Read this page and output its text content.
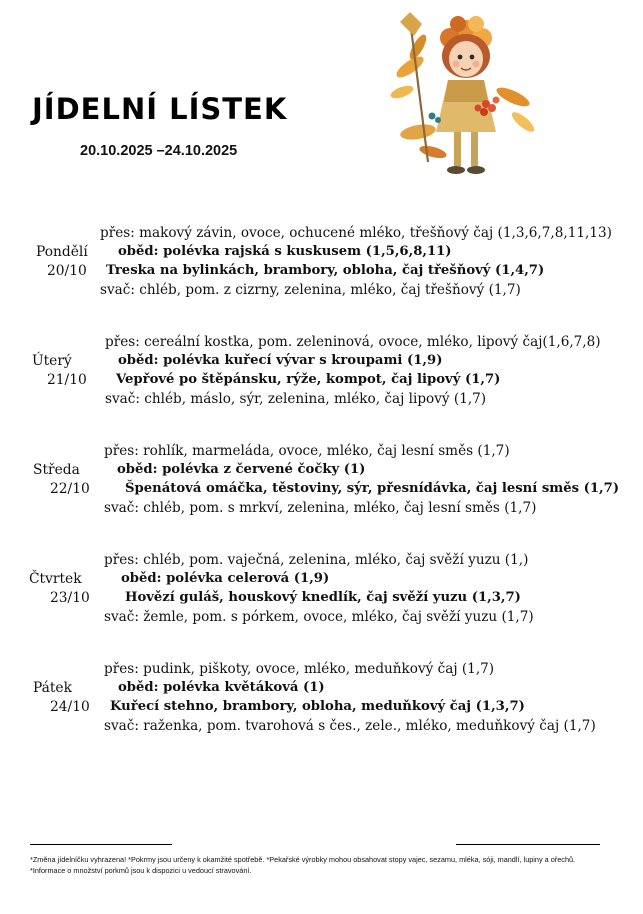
JÍDELNÍ LÍSTEK
20.10.2025 –24.10.2025
přes: makový závin, ovoce, ochucené mléko, třešňový čaj (1,3,6,7,8,11,13)
Pondělí oběd: polévka rajská s kuskusem (1,5,6,8,11)
20/10 Treska na bylinkách, brambory, obloha, čaj třešňový (1,4,7)
svač: chléb, pom. z cizrny, zelenina, mléko, čaj třešňový (1,7)
přes: cereální kostka, pom. zeleninová, ovoce, mléko, lipový čaj(1,6,7,8)
Úterý	oběd: polévka kuřecí vývar s kroupami (1,9)
21/10 Vepřové po štěpánsku, rýže, kompot, čaj lipový (1,7)
svač: chléb, máslo, sýr, zelenina, mléko, čaj lipový (1,7)
přes: rohlík, marmeláda, ovoce, mléko, čaj lesní směs (1,7)
Středa	oběd: polévka z červené čočky (1)
22/10	Špenátová omáčka, těstoviny, sýr, přesnídávka, čaj lesní směs (1,7)
svač: chléb, pom. s mrkví, zelenina, mléko, čaj lesní směs (1,7)
přes: chléb, pom. vaječná, zelenina, mléko, čaj svěží yuzu (1,)
Čtvrtek	oběd: polévka celerová (1,9)
23/10	Hovězí guláš, houskový knedlík, čaj svěží yuzu (1,3,7)
svač: žemle, pom. s pórkem, ovoce, mléko, čaj svěží yuzu (1,7)
přes: pudink, piškoty, ovoce, mléko, meduňkový čaj (1,7)
Pátek	oběd: polévka květáková (1)
24/10 Kuřecí stehno, brambory, obloha, meduňkový čaj (1,3,7)
svač: raženka, pom. tvarohová s čes., zele., mléko, meduňkový čaj (1,7)
*Změna jídelníčku vyhrazena! *Pokrmy jsou určeny k okamžité spotřebě. *Pekařské výrobky mohou obsahovat stopy vajec, sezamu, mléka, sóji, mandlí, lupiny a ořechů.
*Informace o množství porkmů jsou k dispozici u vedoucí stravování.
